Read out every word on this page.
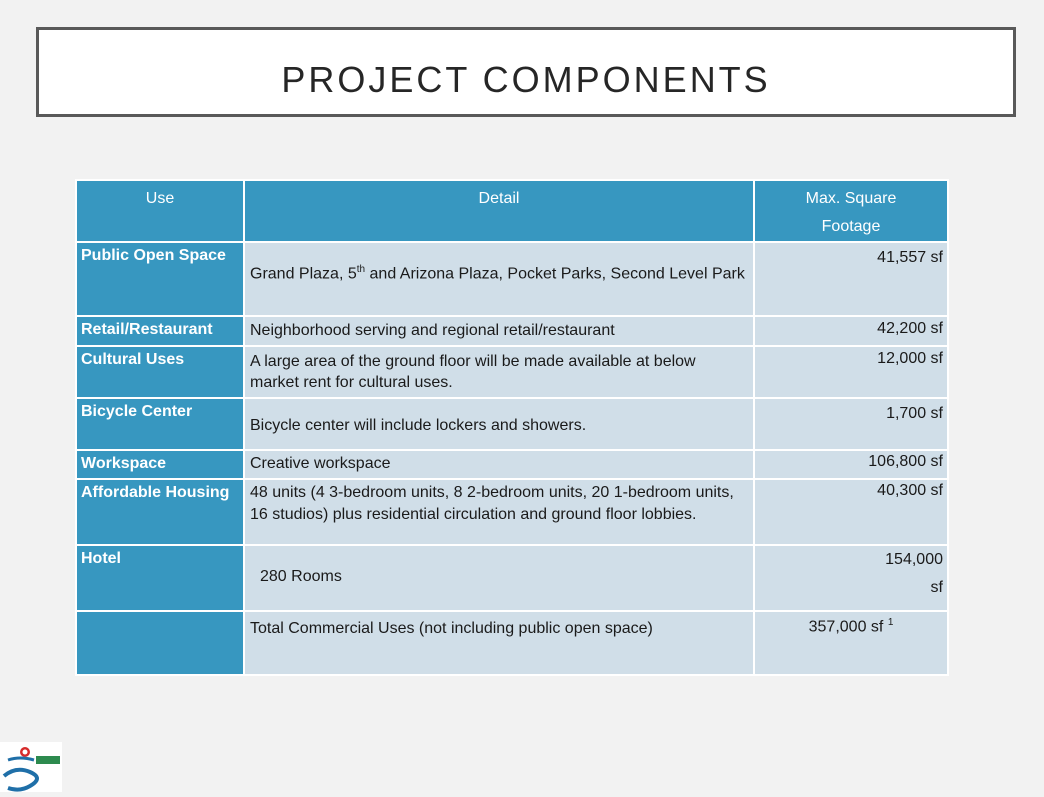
PROJECT COMPONENTS
Use	Detail	Max. Square Footage

Public Open Space	Grand Plaza, 5th and Arizona Plaza, Pocket Parks, Second Level Park	41,557 sf
Retail/Restaurant	Neighborhood serving and regional retail/restaurant	42,200 sf
Cultural Uses	A large area of the ground floor will be made available at below market rent for cultural uses.	12,000 sf
Bicycle Center	Bicycle center will include lockers and showers.	1,700 sf
Workspace	Creative workspace	106,800 sf
Affordable Housing	48 units (4 3-bedroom units, 8 2-bedroom units, 20 1-bedroom units, 16 studios) plus residential circulation and ground floor lobbies.	40,300 sf
Hotel	280 Rooms	154,000
sf

	Total Commercial Uses (not including public open space)	357,000 sf $^1$
